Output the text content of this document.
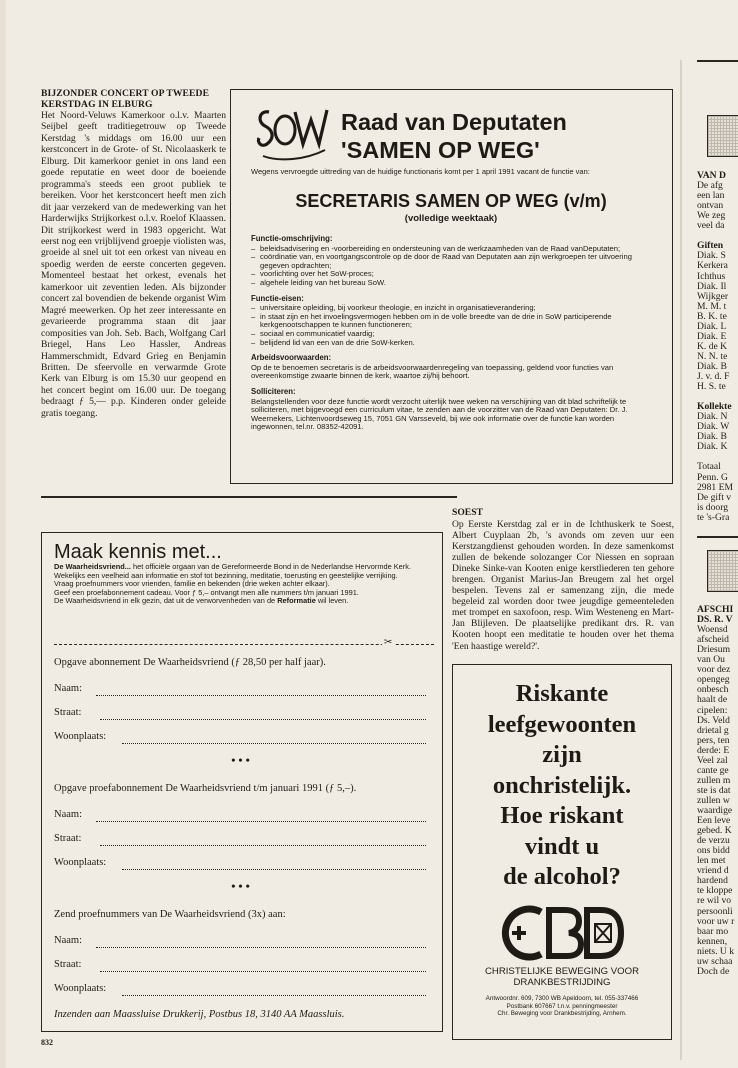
BIJZONDER CONCERT OP TWEEDE KERSTDAG IN ELBURG

Het Noord-Veluws Kamerkoor o.l.v. Maarten Seijbel geeft traditiegetrouw op Tweede Kerstdag 's middags om 16.00 uur een kerstconcert in de Grote- of St. Nicolaaskerk te Elburg. Dit kamerkoor geniet in ons land een goede reputatie en weet door de boeiende programma's steeds een groot publiek te bereiken. Voor het kerstconcert heeft men zich dit jaar verzekerd van de medewerking van het Harderwijks Strijkorkest o.l.v. Roelof Klaassen. Dit strijkorkest werd in 1983 opgericht. Wat eerst nog een vrijblijvend groepje violisten was, groeide al snel uit tot een orkest van niveau en spoedig werden de eerste concerten gegeven. Momenteel bestaat het orkest, evenals het kamerkoor uit zeventien leden. Als bijzonder concert zal bovendien de bekende organist Wim Magré meewerken. Op het zeer interessante en gevarieerde programma staan dit jaar composities van Joh. Seb. Bach, Wolfgang Carl Briegel, Hans Leo Hassler, Andreas Hammerschmidt, Edvard Grieg en Benjamin Britten. De sfeervolle en verwarmde Grote Kerk van Elburg is om 15.30 uur geopend en het concert begint om 16.00 uur. De toegang bedraagt ƒ 5,— p.p. Kinderen onder geleide gratis toegang.

Raad van Deputaten
'SAMEN OP WEG'
Wegens vervroegde uittreding van de huidige functionaris komt per 1 april 1991 vacant de functie van:
SECRETARIS SAMEN OP WEG (v/m)
(volledige weektaak)
Functie-omschrijving:
– beleidsadvisering en -voorbereiding en ondersteuning van de werkzaamheden van de Raad vanDeputaten;
– coördinatie van, en voortgangscontrole op de door de Raad van Deputaten aan zijn werkgroepen ter uitvoering gegeven opdrachten;
– voorlichting over het SoW-proces;
– algehele leiding van het bureau SoW.
Functie-eisen:
– universitaire opleiding, bij voorkeur theologie, en inzicht in organisatieverandering;
– in staat zijn en het invoelingsvermogen hebben om in de volle breedte van de drie in SoW participerende kerkgenootschappen te kunnen functioneren;
– sociaal en communicatief vaardig;
– belijdend lid van een van de drie SoW-kerken.
Arbeidsvoorwaarden:

Op de te benoemen secretaris is de arbeidsvoorwaardenregeling van toepassing, geldend voor functies van overeenkomstige zwaarte binnen de kerk, waartoe zij/hij behoort.

Solliciteren:

Belangstellenden voor deze functie wordt verzocht uiterlijk twee weken na verschijning van dit blad schriftelijk te solliciteren, met bijgevoegd een curriculum vitae, te zenden aan de voorzitter van de Raad van Deputaten: Dr. J. Weernekers, Lichtenvoordseweg 15, 7051 GN Varsseveld, bij wie ook informatie over de functie kan worden ingewonnen, tel.nr. 08352-42091.

Maak kennis met...

De Waarheidsvriend... het officiële orgaan van de Gereformeerde Bond in de Nederlandse Hervormde Kerk.

Wekelijks een veelheid aan informatie en stof tot bezinning, meditatie, toerusting en geestelijke verrijking.

Vraag proefnummers voor vrienden, familie en bekenden (drie weken achter elkaar).

Geef een proefabonnement cadeau. Voor ƒ 5,– ontvangt men alle nummers t/m januari 1991.

De Waarheidsvriend in elk gezin, dat uit de verworvenheden van de Reformatie wil leven.

✂
Opgave abonnement De Waarheidsvriend (ƒ 28,50 per half jaar).
Naam:
Straat:
Woonplaats:
•••
Opgave proefabonnement De Waarheidsvriend t/m januari 1991 (ƒ 5,–).
Naam:
Straat:
Woonplaats:
•••
Zend proefnummers van De Waarheidsvriend (3x) aan:
Naam:
Straat:
Woonplaats:
Inzenden aan Maassluise Drukkerij, Postbus 18, 3140 AA Maassluis.
832
SOEST

Op Eerste Kerstdag zal er in de Ichthuskerk te Soest, Albert Cuyplaan 2b, 's avonds om zeven uur een Kerstzangdienst gehouden worden. In deze samenkomst zullen de bekende solozanger Cor Niessen en sopraan Dineke Sinke-van Kooten enige kerstliederen ten gehore brengen. Organist Marius-Jan Breugem zal het orgel bespelen. Tevens zal er samenzang zijn, die mede begeleid zal worden door twee jeugdige gemeenteleden met trompet en saxofoon, resp. Wim Westeneng en Mart-Jan Blijleven. De plaatselijke predikant drs. R. van Kooten hoopt een meditatie te houden over het thema 'Een haastige wereld?'.

Riskante
leefgewoonten
zijn
onchristelijk.
Hoe riskant
vindt u
de alcohol?
CHRISTELIJKE BEWEGING VOOR
DRANKBESTRIJDING
Antwoordnr. 609, 7300 WB Apeldoorn, tel. 055-337466
Postbank 607667 t.n.v. penningmeester
Chr. Beweging voor Drankbestrijding, Arnhem.
VAN D
De afg
een lan
ontvan
We zeg
veel da
Giften
Diak. S
Kerkera
Ichthus
Diak. Il
Wijkger
M. M. t
B. K. te
Diak. L
Diak. E
K. de K
N. N. te
Diak. B
J. v. d. F
H. S. te
Kollekte
Diak. N
Diak. W
Diak. B
Diak. K
Totaal
Penn. G
2981 EM
De gift v
is doorg
te 's-Gra
AFSCHI
DS. R. V
Woensd
afscheid
Driesum
van Ou
voor dez
opengeg
onbesch
haalt de
cipelen:
Ds. Veld
drietal g
pers, ten
derde: E
Veel zal
cante ge
zullen m
ste is dat
zullen w
waardige
Een leve
gebed. K
de verzu
ons bidd
len met
vriend d
hardend
te kloppe
re wil vo
persoonli
voor uw r
baar mo
kennen,
niets. U k
uw schaa
Doch de
